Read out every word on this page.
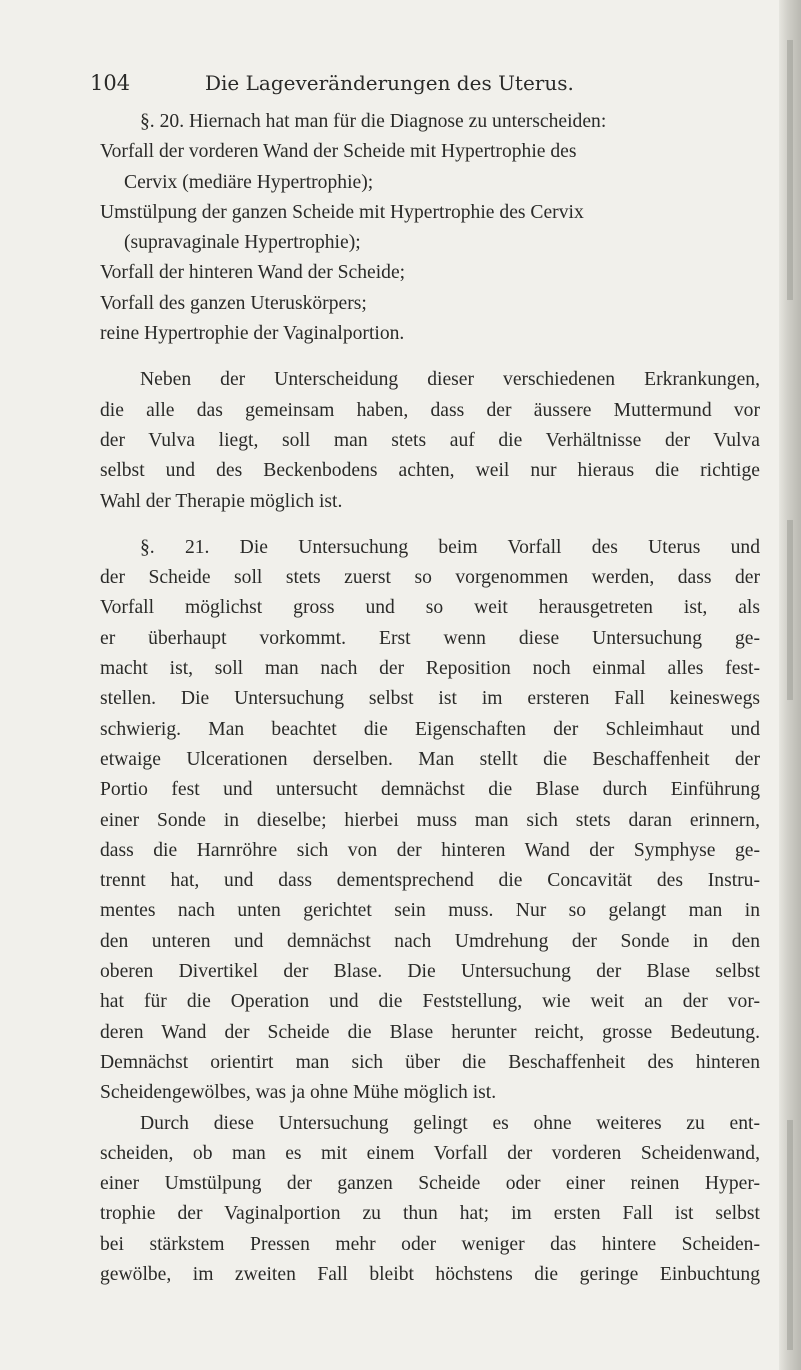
104	Die Lageveränderungen des Uterus.
§. 20. Hiernach hat man für die Diagnose zu unterscheiden:
Vorfall der vorderen Wand der Scheide mit Hypertrophie des
Cervix (mediäre Hypertrophie);
Umstülpung der ganzen Scheide mit Hypertrophie des Cervix
(supravaginale Hypertrophie);
Vorfall der hinteren Wand der Scheide;
Vorfall des ganzen Uteruskörpers;
reine Hypertrophie der Vaginalportion.
Neben der Unterscheidung dieser verschiedenen Erkrankungen,
die alle das gemeinsam haben, dass der äussere Muttermund vor
der Vulva liegt, soll man stets auf die Verhältnisse der Vulva
selbst und des Beckenbodens achten, weil nur hieraus die richtige
Wahl der Therapie möglich ist.
§. 21. Die Untersuchung beim Vorfall des Uterus und
der Scheide soll stets zuerst so vorgenommen werden, dass der
Vorfall möglichst gross und so weit herausgetreten ist, als
er überhaupt vorkommt. Erst wenn diese Untersuchung ge-
macht ist, soll man nach der Reposition noch einmal alles fest-
stellen. Die Untersuchung selbst ist im ersteren Fall keineswegs
schwierig. Man beachtet die Eigenschaften der Schleimhaut und
etwaige Ulcerationen derselben. Man stellt die Beschaffenheit der
Portio fest und untersucht demnächst die Blase durch Einführung
einer Sonde in dieselbe; hierbei muss man sich stets daran erinnern,
dass die Harnröhre sich von der hinteren Wand der Symphyse ge-
trennt hat, und dass dementsprechend die Concavität des Instru-
mentes nach unten gerichtet sein muss. Nur so gelangt man in
den unteren und demnächst nach Umdrehung der Sonde in den
oberen Divertikel der Blase. Die Untersuchung der Blase selbst
hat für die Operation und die Feststellung, wie weit an der vor-
deren Wand der Scheide die Blase herunter reicht, grosse Bedeutung.
Demnächst orientirt man sich über die Beschaffenheit des hinteren
Scheidengewölbes, was ja ohne Mühe möglich ist.
Durch diese Untersuchung gelingt es ohne weiteres zu ent-
scheiden, ob man es mit einem Vorfall der vorderen Scheidenwand,
einer Umstülpung der ganzen Scheide oder einer reinen Hyper-
trophie der Vaginalportion zu thun hat; im ersten Fall ist selbst
bei stärkstem Pressen mehr oder weniger das hintere Scheiden-
gewölbe, im zweiten Fall bleibt höchstens die geringe Einbuchtung
